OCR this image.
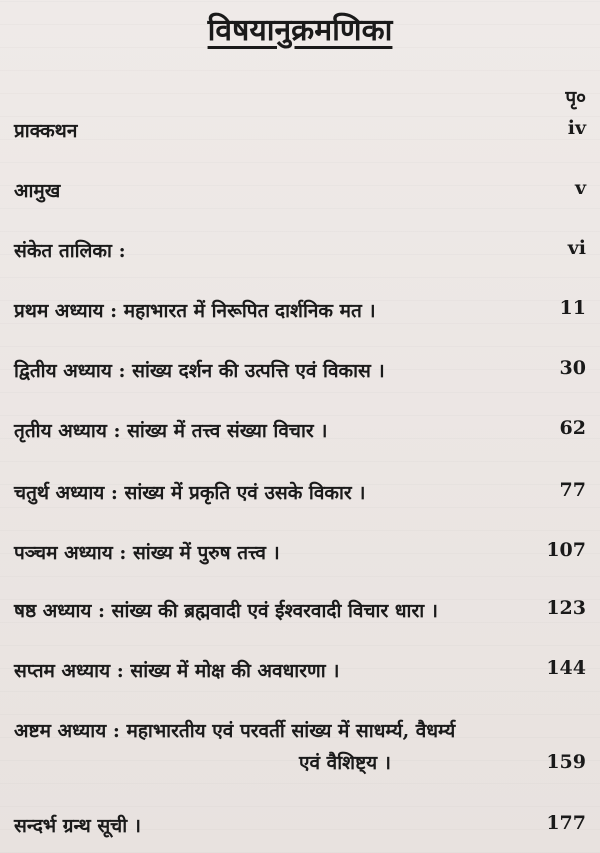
विषयानुक्रमणिका
पृ०
प्राक्कथन	iv
आमुख	v
संकेत तालिका :	vi
प्रथम अध्याय : महाभारत में निरूपित दार्शनिक मत ।	11
द्वितीय अध्याय : सांख्य दर्शन की उत्पत्ति एवं विकास ।	30
तृतीय अध्याय : सांख्य में तत्त्व संख्या विचार ।	62
चतुर्थ अध्याय : सांख्य में प्रकृति एवं उसके विकार ।	77
पञ्चम अध्याय : सांख्य में पुरुष तत्त्व ।	107
षष्ठ अध्याय : सांख्य की ब्रह्मवादी एवं ईश्वरवादी विचार धारा ।	123
सप्तम अध्याय : सांख्य में मोक्ष की अवधारणा ।	144
अष्टम अध्याय : महाभारतीय एवं परवर्ती सांख्य में साधर्म्य, वैधर्म्य
एवं वैशिष्ट्य ।	159
सन्दर्भ ग्रन्थ सूची ।	177
